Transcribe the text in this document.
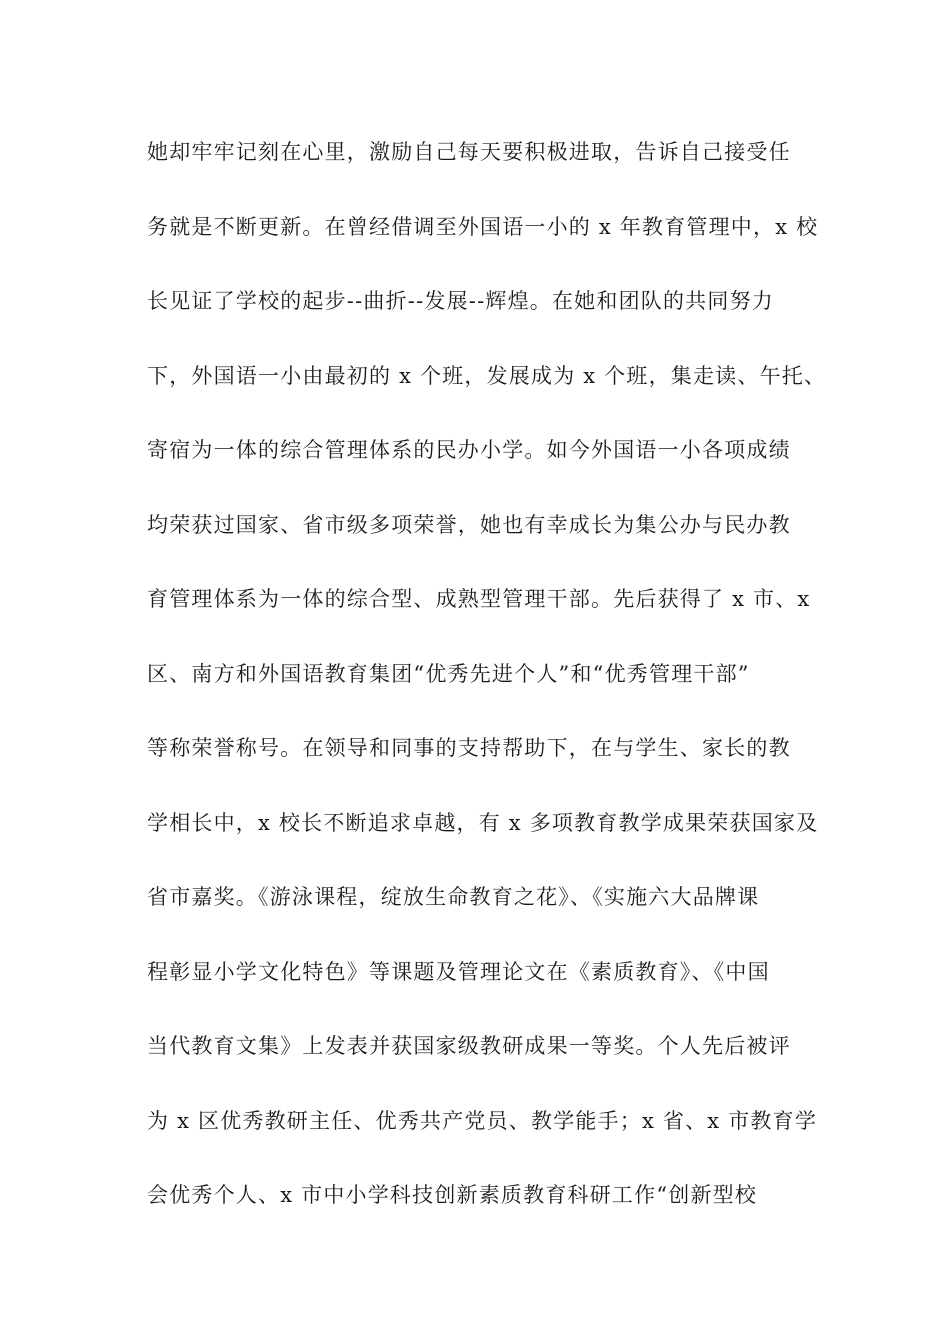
她却牢牢记刻在心里，激励自己每天要积极进取，告诉自己接受任
务就是不断更新。在曾经借调至外国语一小的 x 年教育管理中，x 校
长见证了学校的起步--曲折--发展--辉煌。在她和团队的共同努力
下，外国语一小由最初的 x 个班，发展成为 x 个班，集走读、午托、
寄宿为一体的综合管理体系的民办小学。如今外国语一小各项成绩
均荣获过国家、省市级多项荣誉，她也有幸成长为集公办与民办教
育管理体系为一体的综合型、成熟型管理干部。先后获得了 x 市、x
区、南方和外国语教育集团“优秀先进个人”和“优秀管理干部”
等称荣誉称号。在领导和同事的支持帮助下，在与学生、家长的教
学相长中，x 校长不断追求卓越，有 x 多项教育教学成果荣获国家及
省市嘉奖。《游泳课程，绽放生命教育之花》、《实施六大品牌课
程彰显小学文化特色》等课题及管理论文在《素质教育》、《中国
当代教育文集》上发表并获国家级教研成果一等奖。个人先后被评
为 x 区优秀教研主任、优秀共产党员、教学能手；x 省、x 市教育学
会优秀个人、x 市中小学科技创新素质教育科研工作“创新型校
